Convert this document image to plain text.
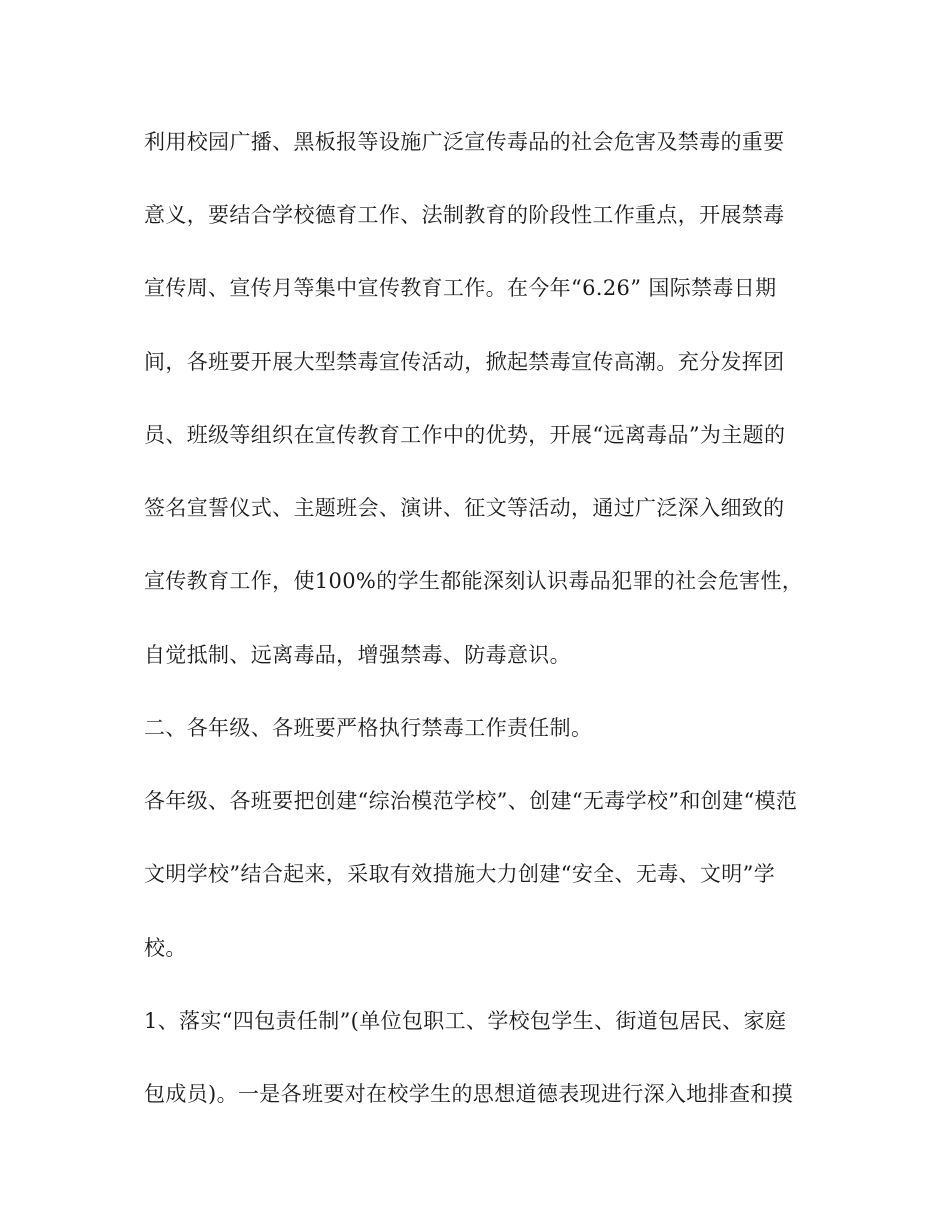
利用校园广播、黑板报等设施广泛宣传毒品的社会危害及禁毒的重要
意义，要结合学校德育工作、法制教育的阶段性工作重点，开展禁毒
宣传周、宣传月等集中宣传教育工作。在今年“6.26” 国际禁毒日期
间，各班要开展大型禁毒宣传活动，掀起禁毒宣传高潮。充分发挥团
员、班级等组织在宣传教育工作中的优势，开展“远离毒品”为主题的
签名宣誓仪式、主题班会、演讲、征文等活动，通过广泛深入细致的
宣传教育工作，使100%的学生都能深刻认识毒品犯罪的社会危害性，
自觉抵制、远离毒品，增强禁毒、防毒意识。
二、各年级、各班要严格执行禁毒工作责任制。
各年级、各班要把创建“综治模范学校”、创建“无毒学校”和创建“模范
文明学校”结合起来，采取有效措施大力创建“安全、无毒、文明”学
校。
1、落实“四包责任制”(单位包职工、学校包学生、街道包居民、家庭
包成员)。一是各班要对在校学生的思想道德表现进行深入地排查和摸
